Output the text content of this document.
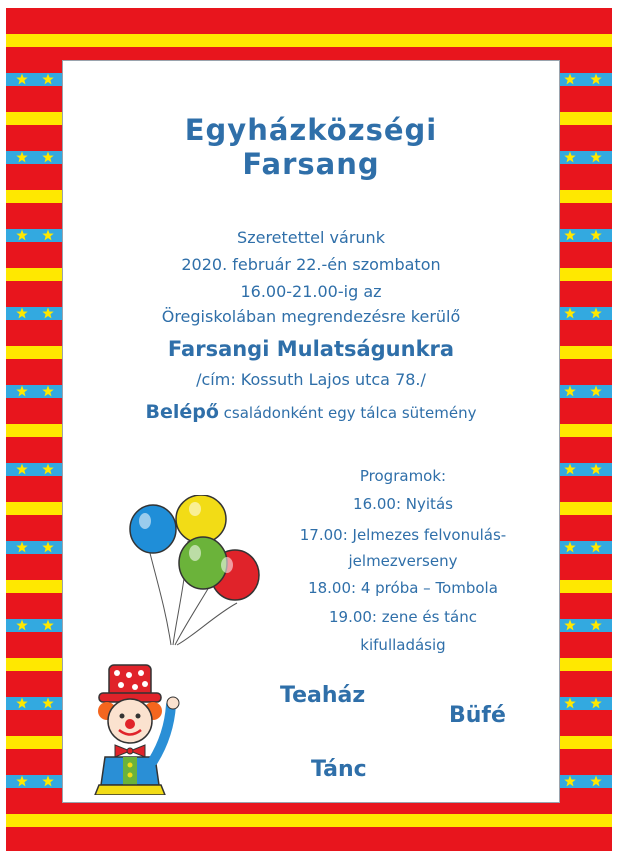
Egyházközségi
Farsang
Szeretettel várunk
2020. február 22.-én szombaton
16.00-21.00-ig az
Öregiskolában megrendezésre kerülő
Farsangi Mulatságunkra
/cím: Kossuth Lajos utca 78./
Belépő családonként egy tálca sütemény
Programok:
16.00: Nyitás
17.00: Jelmezes felvonulás-
jelmezverseny
18.00: 4 próba – Tombola
19.00: zene és tánc
kifulladásig
Teaház
Büfé
Tánc
